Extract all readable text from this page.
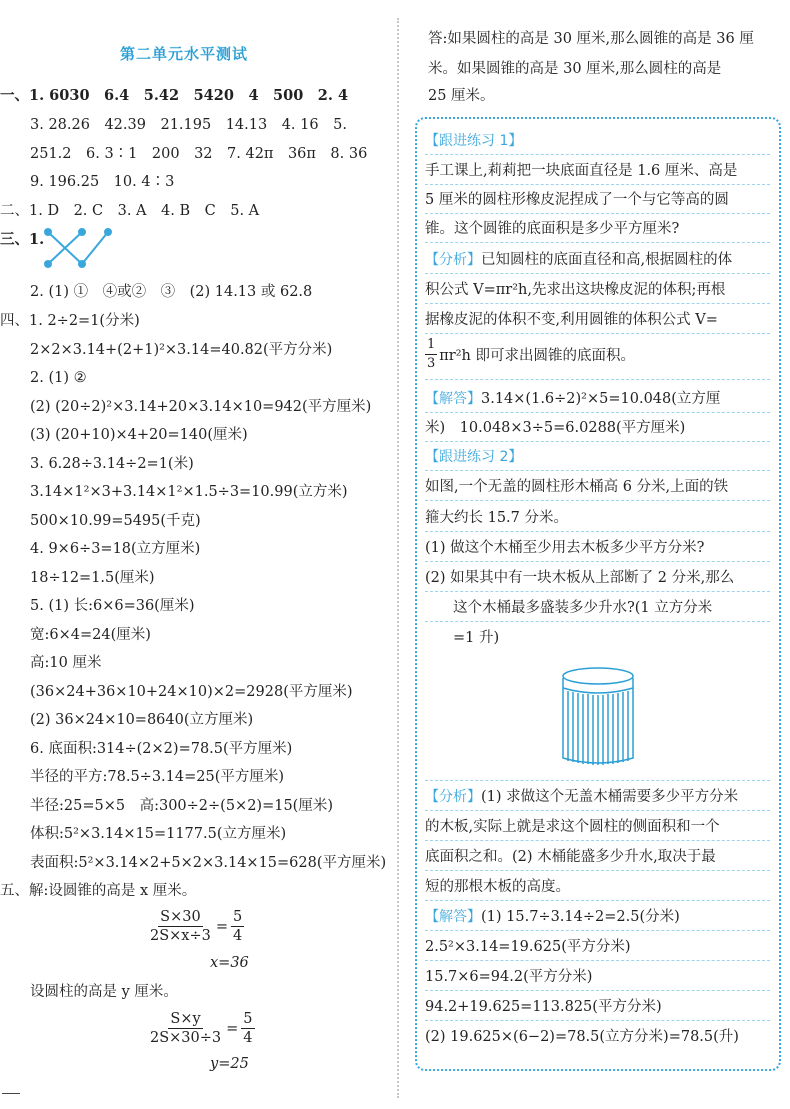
第二单元水平测试
一、1. 6030　6.4　5.42　5420　4　500　2. 4
3. 28.26　42.39　21.195　14.13　4. 16　5.
251.2　6. 3∶1　200　32　7. 42π　36π　8. 36
9. 196.25　10. 4∶3
二、1. D　2. C　3. A　4. B　C　5. A
三、1.
2. (1) ①　④或②　③　(2) 14.13 或 62.8
四、1. 2÷2=1(分米)
2×2×3.14+(2+1)²×3.14=40.82(平方分米)
2. (1) ②
(2) (20÷2)²×3.14+20×3.14×10=942(平方厘米)
(3) (20+10)×4+20=140(厘米)
3. 6.28÷3.14÷2=1(米)
3.14×1²×3+3.14×1²×1.5÷3=10.99(立方米)
500×10.99=5495(千克)
4. 9×6÷3=18(立方厘米)
18÷12=1.5(厘米)
5. (1) 长:6×6=36(厘米)
宽:6×4=24(厘米)
高:10 厘米
(36×24+36×10+24×10)×2=2928(平方厘米)
(2) 36×24×10=8640(立方厘米)
6. 底面积:314÷(2×2)=78.5(平方厘米)
半径的平方:78.5÷3.14=25(平方厘米)
半径:25=5×5　高:300÷2÷(5×2)=15(厘米)
体积:5²×3.14×15=1177.5(立方厘米)
表面积:5²×3.14×2+5×2×3.14×15=628(平方厘米)
五、解:设圆锥的高是 x 厘米。
$\frac{S\times 30}{2S\times x\div 3} = \frac{5}{4}$
x=36
设圆柱的高是 y 厘米。
$\frac{S\times y}{2S\times 30\div 3} = \frac{5}{4}$
y=25
答:如果圆柱的高是 30 厘米,那么圆锥的高是 36 厘
米。如果圆锥的高是 30 厘米,那么圆柱的高是
25 厘米。
【跟进练习 1】
手工课上,莉莉把一块底面直径是 1.6 厘米、高是
5 厘米的圆柱形橡皮泥捏成了一个与它等高的圆
锥。这个圆锥的底面积是多少平方厘米?
【分析】已知圆柱的底面直径和高,根据圆柱的体
积公式 V=πr²h,先求出这块橡皮泥的体积;再根
据橡皮泥的体积不变,利用圆锥的体积公式 V=
$\frac{1}{3} \pi r^2h$ 即可求出圆锥的底面积。
【解答】3.14×(1.6÷2)²×5=10.048(立方厘
米)　10.048×3÷5=6.0288(平方厘米)
【跟进练习 2】
如图,一个无盖的圆柱形木桶高 6 分米,上面的铁
箍大约长 15.7 分米。
(1) 做这个木桶至少用去木板多少平方分米?
(2) 如果其中有一块木板从上部断了 2 分米,那么
这个木桶最多盛装多少升水?(1 立方分米
=1 升)
【分析】(1) 求做这个无盖木桶需要多少平方分米
的木板,实际上就是求这个圆柱的侧面积和一个
底面积之和。(2) 木桶能盛多少升水,取决于最
短的那根木板的高度。
【解答】(1) 15.7÷3.14÷2=2.5(分米)
2.5²×3.14=19.625(平方分米)
15.7×6=94.2(平方分米)
94.2+19.625=113.825(平方分米)
(2) 19.625×(6−2)=78.5(立方分米)=78.5(升)
